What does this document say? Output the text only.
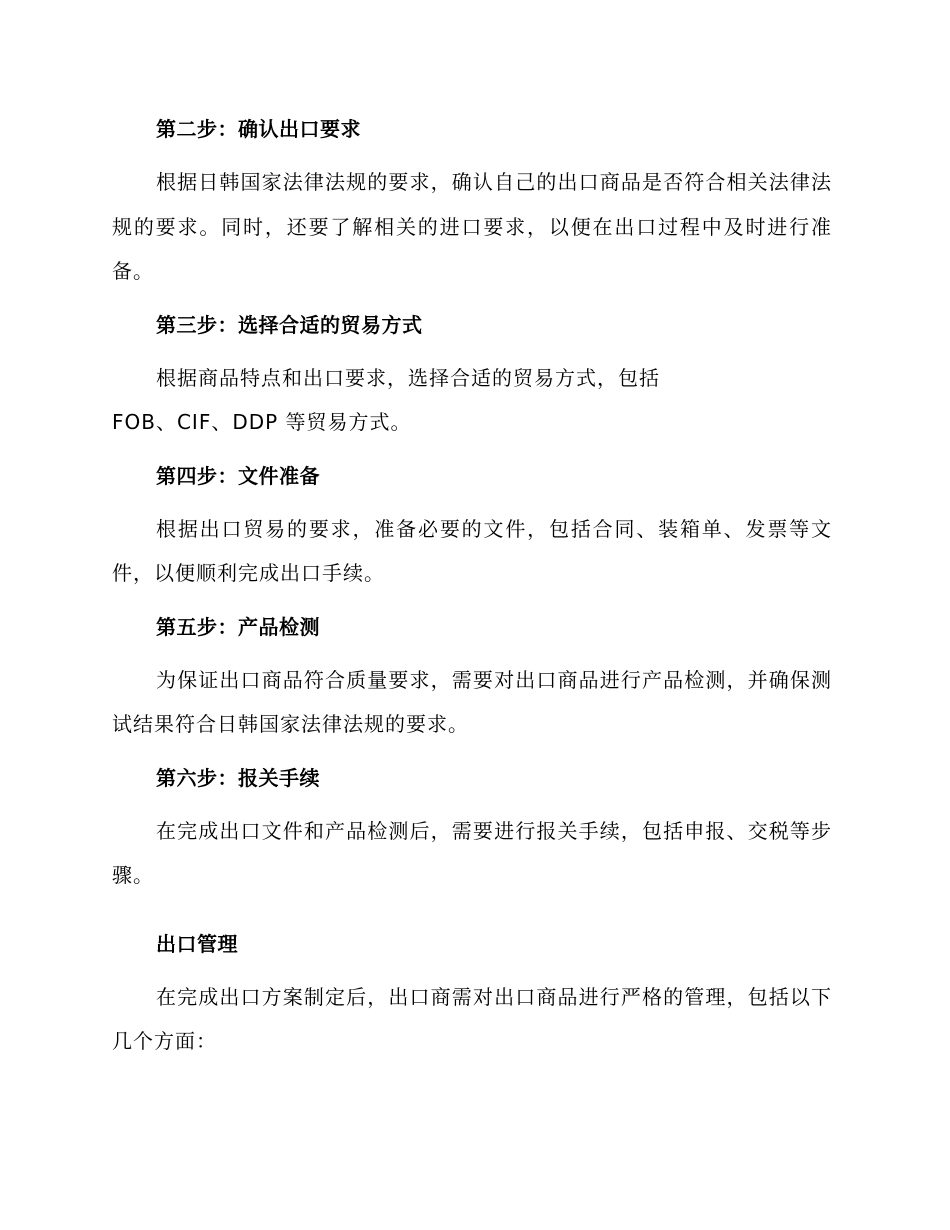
第二步：确认出口要求

根据日韩国家法律法规的要求，确认自己的出口商品是否符合相关法律法规的要求。同时，还要了解相关的进口要求，以便在出口过程中及时进行准备。

第三步：选择合适的贸易方式

根据商品特点和出口要求，选择合适的贸易方式，包括

FOB、CIF、DDP 等贸易方式。

第四步：文件准备

根据出口贸易的要求，准备必要的文件，包括合同、装箱单、发票等文件，以便顺利完成出口手续。

第五步：产品检测

为保证出口商品符合质量要求，需要对出口商品进行产品检测，并确保测试结果符合日韩国家法律法规的要求。

第六步：报关手续

在完成出口文件和产品检测后，需要进行报关手续，包括申报、交税等步骤。

出口管理

在完成出口方案制定后，出口商需对出口商品进行严格的管理，包括以下几个方面：
